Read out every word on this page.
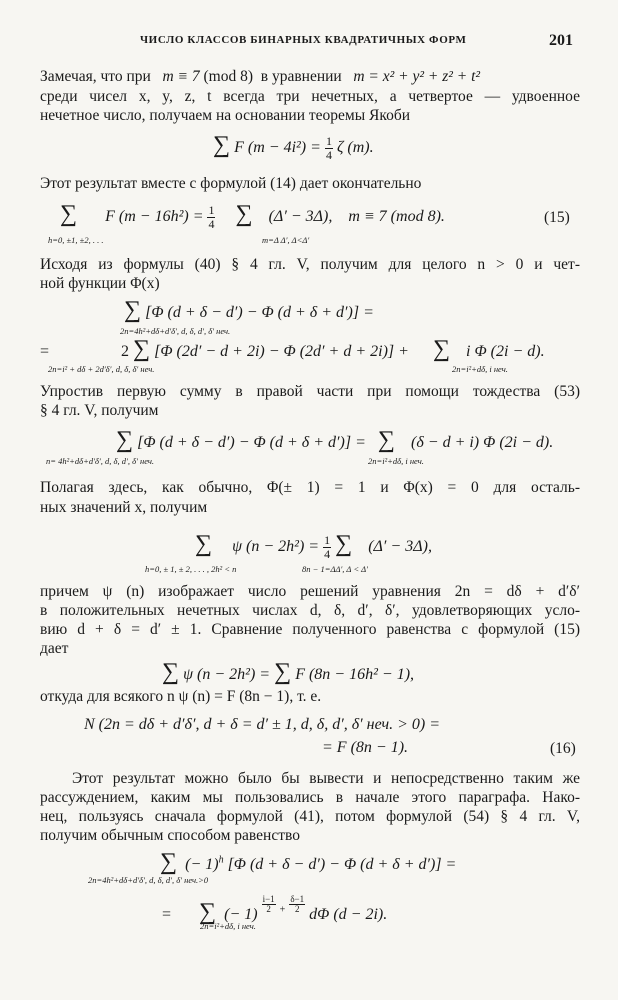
ЧИСЛО КЛАССОВ БИНАРНЫХ КВАДРАТИЧНЫХ ФОРМ	201
Замечая, что при m ≡ 7 (mod 8) в уравнении m = x² + y² + z² + t²
среди чисел x, y, z, t всегда три нечетных, а четвертое — удвоенное
нечетное число, получаем на основании теоремы Якоби
∑ F $(m - 4i^2) = \frac{1}{4}$ ζ (m).
Этот результат вместе с формулой (14) дает окончательно
∑ F $(m - 16h^2) = \frac{1}{4}$ ∑ (Δ′ − 3Δ), m ≡ 7 (mod 8).
h=0, ±1, ±2, . . .	m=Δ Δ′, Δ<Δ′
(15)
Исходя из формулы (40) § 4 гл. V, получим для целого n > 0 и чет-
ной функции Φ(x)
∑ [Φ (d + δ − d′) − Φ (d + δ + d′)] =
2n=4h²+dδ+d′δ′, d, δ, d′, δ′ неч.
=	2 ∑ [Φ (2d′ − d + 2i) − Φ (2d′ + d + 2i)] + ∑ i Φ (2i − d).
2n=i² + dδ + 2d′δ′, d, δ, δ′ неч.	2n=i²+dδ, i неч.
Упростив первую сумму в правой части при помощи тождества (53)
§ 4 гл. V, получим
∑ [Φ (d + δ − d′) − Φ (d + δ + d′)] = ∑ (δ − d + i) Φ (2i − d).
n= 4h²+dδ+d′δ′, d, δ, d′, δ′ неч.	2n=i²+dδ, i неч.
Полагая здесь, как обычно, Φ(± 1) = 1 и Φ(x) = 0 для осталь-
ных значений x, получим
∑ ψ $(n - 2h^2) = \frac{1}{4}$ ∑ (Δ′ − 3Δ),
h=0, ± 1, ± 2, . . . , 2h² < n	8n − 1=ΔΔ′, Δ < Δ′
причем ψ (n) изображает число решений уравнения 2n = dδ + d′δ′
в положительных нечетных числах d, δ, d′, δ′, удовлетворяющих усло-
вию d + δ = d′ ± 1. Сравнение полученного равенства с формулой (15)
дает
∑ ψ (n − 2h²) = ∑ F (8n − 16h² − 1),
откуда для всякого n ψ (n) = F (8n − 1), т. е.
N (2n = dδ + d′δ′, d + δ = d′ ± 1, d, δ, d′, δ′ неч. > 0) =
= F (8n − 1).	(16)
Этот результат можно было бы вывести и непосредственно таким же
рассуждением, каким мы пользовались в начале этого параграфа. Нако-
нец, пользуясь сначала формулой (41), потом формулой (54) § 4 гл. V,
получим обычным способом равенство
∑ (− 1)$^h$ [Φ (d + δ − d′) − Φ (d + δ + d′)] =
2n=4h²+dδ+d′δ′, d, δ, d′, δ′ неч.>0
= ∑ (− $1) \frac{i-1}{2} ^+ \frac{\delta-1}{2}$ dΦ (d − 2i).
2n=i²+dδ, i неч.
